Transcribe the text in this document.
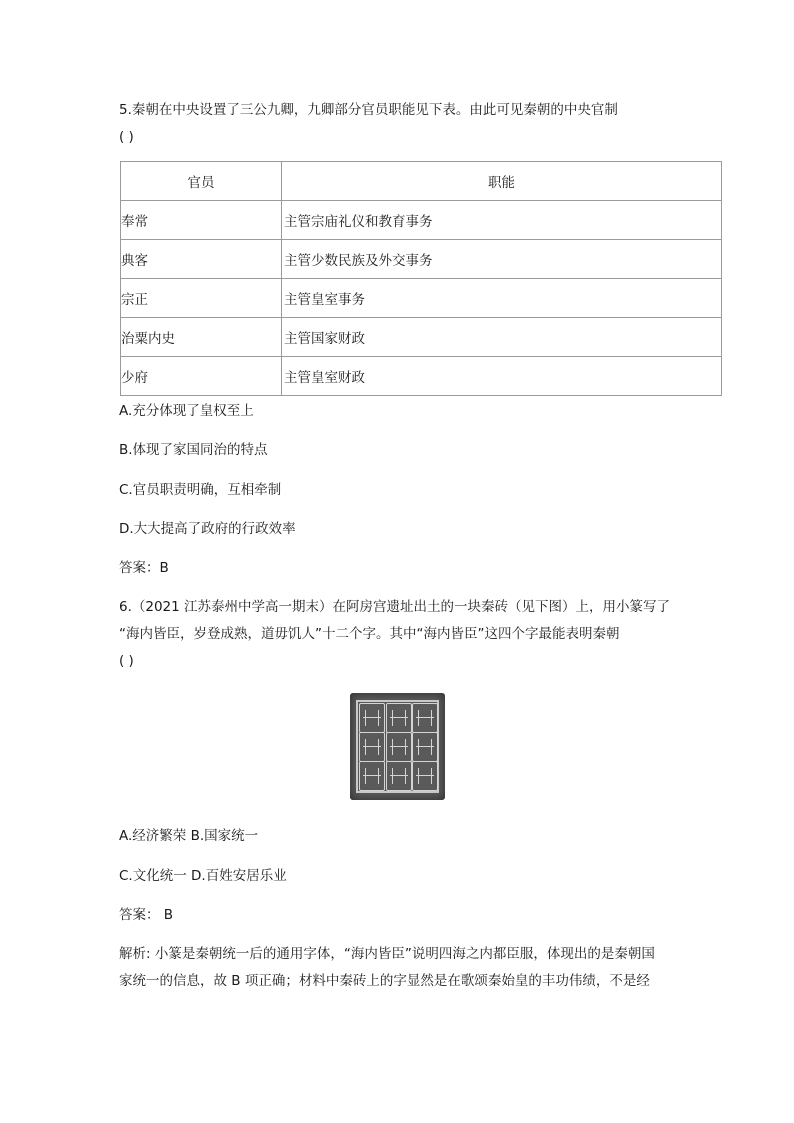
5.秦朝在中央设置了三公九卿，九卿部分官员职能见下表。由此可见秦朝的中央官制
( )
官员	职能
奉常	主管宗庙礼仪和教育事务
典客	主管少数民族及外交事务
宗正	主管皇室事务
治粟内史	主管国家财政
少府	主管皇室财政
A.充分体现了皇权至上
B.体现了家国同治的特点
C.官员职责明确，互相牵制
D.大大提高了政府的行政效率
答案：B
6.（2021 江苏泰州中学高一期末）在阿房宫遗址出土的一块秦砖（见下图）上，用小篆写了
“海内皆臣，岁登成熟，道毋饥人”十二个字。其中“海内皆臣”这四个字最能表明秦朝
( )
A.经济繁荣 B.国家统一
C.文化统一 D.百姓安居乐业
答案： B
解析: 小篆是秦朝统一后的通用字体，“海内皆臣”说明四海之内都臣服，体现出的是秦朝国
家统一的信息，故 B 项正确；材料中秦砖上的字显然是在歌颂秦始皇的丰功伟绩，不是经
